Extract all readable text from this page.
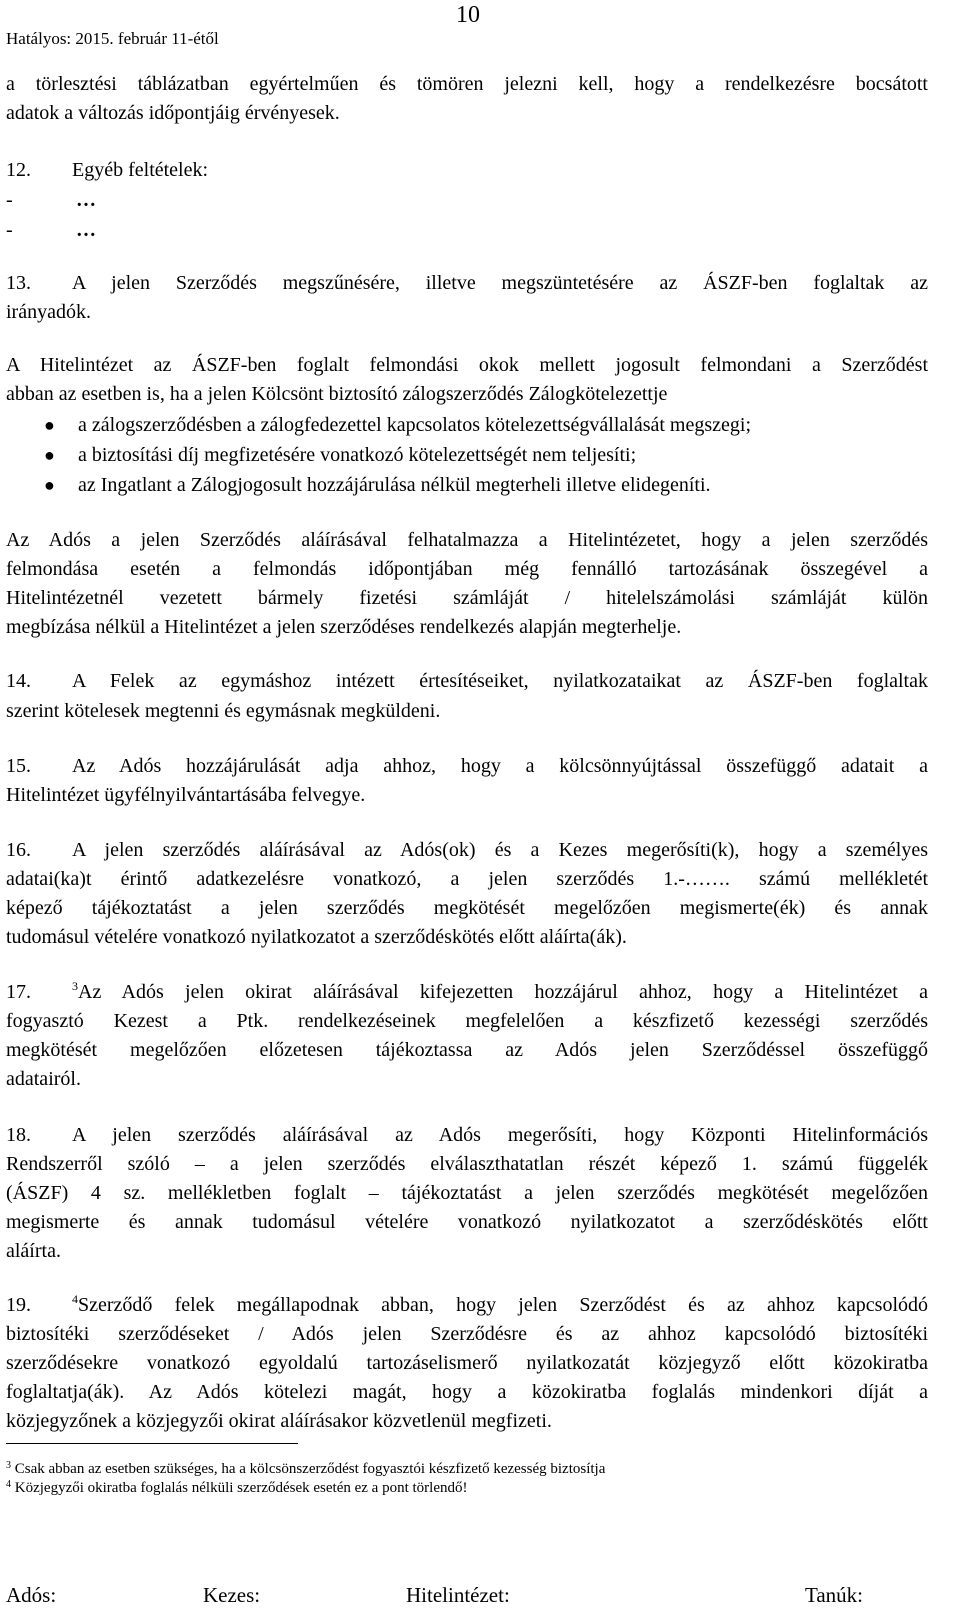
Hatályos: 2015. február 11-étől
10
a törlesztési táblázatban egyértelműen és tömören jelezni kell, hogy a rendelkezésre bocsátott
adatok a változás időpontjáig érvényesek.
12. Egyéb feltételek:
-	…
-	…
13. A jelen Szerződés megszűnésére, illetve megszüntetésére az ÁSZF-ben foglaltak az
irányadók.
A Hitelintézet az ÁSZF-ben foglalt felmondási okok mellett jogosult felmondani a Szerződést
abban az esetben is, ha a jelen Kölcsönt biztosító zálogszerződés Zálogkötelezettje
● a zálogszerződésben a zálogfedezettel kapcsolatos kötelezettségvállalását megszegi;
● a biztosítási díj megfizetésére vonatkozó kötelezettségét nem teljesíti;
● az Ingatlant a Zálogjogosult hozzájárulása nélkül megterheli illetve elidegeníti.
Az Adós a jelen Szerződés aláírásával felhatalmazza a Hitelintézetet, hogy a jelen szerződés
felmondása esetén a felmondás időpontjában még fennálló tartozásának összegével a
Hitelintézetnél vezetett bármely fizetési számláját / hitelelszámolási számláját külön
megbízása nélkül a Hitelintézet a jelen szerződéses rendelkezés alapján megterhelje.
14. A Felek az egymáshoz intézett értesítéseiket, nyilatkozataikat az ÁSZF-ben foglaltak
szerint kötelesek megtenni és egymásnak megküldeni.
15. Az Adós hozzájárulását adja ahhoz, hogy a kölcsönnyújtással összefüggő adatait a
Hitelintézet ügyfélnyilvántartásába felvegye.
16. A jelen szerződés aláírásával az Adós(ok) és a Kezes megerősíti(k), hogy a személyes
adatai(ka)t érintő adatkezelésre vonatkozó, a jelen szerződés 1.-……. számú mellékletét
képező tájékoztatást a jelen szerződés megkötését megelőzően megismerte(ék) és annak
tudomásul vételére vonatkozó nyilatkozatot a szerződéskötés előtt aláírta(ák).
17.	$^3$Az Adós jelen okirat aláírásával kifejezetten hozzájárul ahhoz, hogy a Hitelintézet a
fogyasztó Kezest a Ptk. rendelkezéseinek megfelelően a készfizető kezességi szerződés
megkötését megelőzően előzetesen tájékoztassa az Adós jelen Szerződéssel összefüggő
adatairól.
18. A jelen szerződés aláírásával az Adós megerősíti, hogy Központi Hitelinformációs
Rendszerről szóló – a jelen szerződés elválaszthatatlan részét képező 1. számú függelék
(ÁSZF) 4 sz. mellékletben foglalt – tájékoztatást a jelen szerződés megkötését megelőzően
megismerte és annak tudomásul vételére vonatkozó nyilatkozatot a szerződéskötés előtt
aláírta.
19.	$^4$Szerződő felek megállapodnak abban, hogy jelen Szerződést és az ahhoz kapcsolódó
biztosítéki szerződéseket / Adós jelen Szerződésre és az ahhoz kapcsolódó biztosítéki
szerződésekre vonatkozó egyoldalú tartozáselismerő nyilatkozatát közjegyző előtt közokiratba
foglaltatja(ák). Az Adós kötelezi magát, hogy a közokiratba foglalás mindenkori díját a
közjegyzőnek a közjegyzői okirat aláírásakor közvetlenül megfizeti.
$^3$ Csak abban az esetben szükséges, ha a kölcsönszerződést fogyasztói készfizető kezesség biztosítja
$^4$ Közjegyzői okiratba foglalás nélküli szerződések esetén ez a pont törlendő!
Adós:	Kezes:	Hitelintézet:	Tanúk:
